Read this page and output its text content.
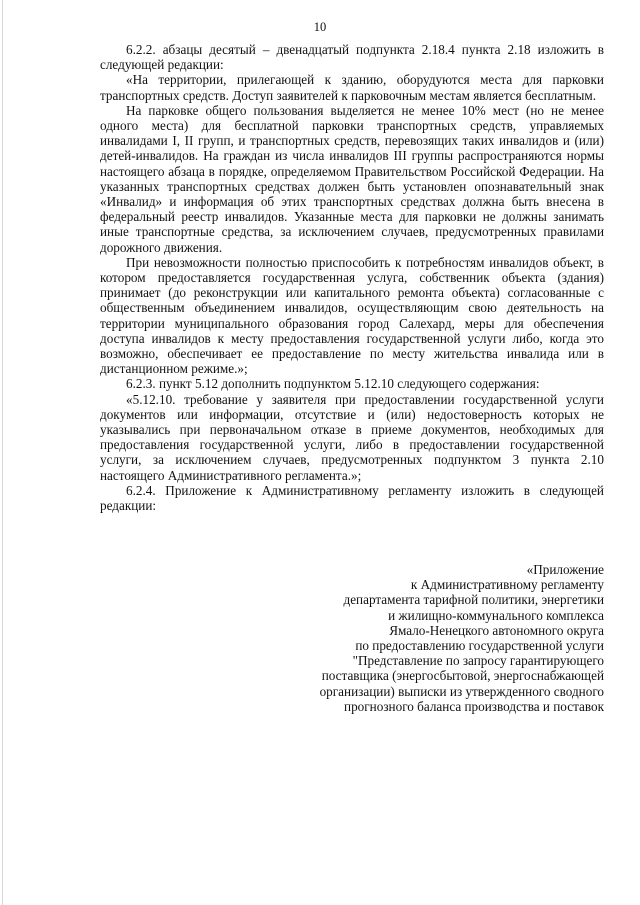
10

6.2.2. абзацы десятый – двенадцатый подпункта 2.18.4 пункта 2.18 изложить в следующей редакции:

«На территории, прилегающей к зданию, оборудуются места для парковки транспортных средств. Доступ заявителей к парковочным местам является бесплатным.

На парковке общего пользования выделяется не менее 10% мест (но не менее одного места) для бесплатной парковки транспортных средств, управляемых инвалидами I, II групп, и транспортных средств, перевозящих таких инвалидов и (или) детей-инвалидов. На граждан из числа инвалидов III группы распространяются нормы настоящего абзаца в порядке, определяемом Правительством Российской Федерации. На указанных транспортных средствах должен быть установлен опознавательный знак «Инвалид» и информация об этих транспортных средствах должна быть внесена в федеральный реестр инвалидов. Указанные места для парковки не должны занимать иные транспортные средства, за исключением случаев, предусмотренных правилами дорожного движения.

При невозможности полностью приспособить к потребностям инвалидов объект, в котором предоставляется государственная услуга, собственник объекта (здания) принимает (до реконструкции или капитального ремонта объекта) согласованные с общественным объединением инвалидов, осуществляющим свою деятельность на территории муниципального образования город Салехард, меры для обеспечения доступа инвалидов к месту предоставления государственной услуги либо, когда это возможно, обеспечивает ее предоставление по месту жительства инвалида или в дистанционном режиме.»;

6.2.3. пункт 5.12 дополнить подпунктом 5.12.10 следующего содержания:

«5.12.10. требование у заявителя при предоставлении государственной услуги документов или информации, отсутствие и (или) недостоверность которых не указывались при первоначальном отказе в приеме документов, необходимых для предоставления государственной услуги, либо в предоставлении государственной услуги, за исключением случаев, предусмотренных подпунктом 3 пункта 2.10 настоящего Административного регламента.»;

6.2.4. Приложение к Административному регламенту изложить в следующей редакции:

«Приложение
к Административному регламенту
департамента тарифной политики, энергетики
и жилищно-коммунального комплекса
Ямало-Ненецкого автономного округа
по предоставлению государственной услуги
"Представление по запросу гарантирующего
поставщика (энергосбытовой, энергоснабжающей
организации) выписки из утвержденного сводного
прогнозного баланса производства и поставок
